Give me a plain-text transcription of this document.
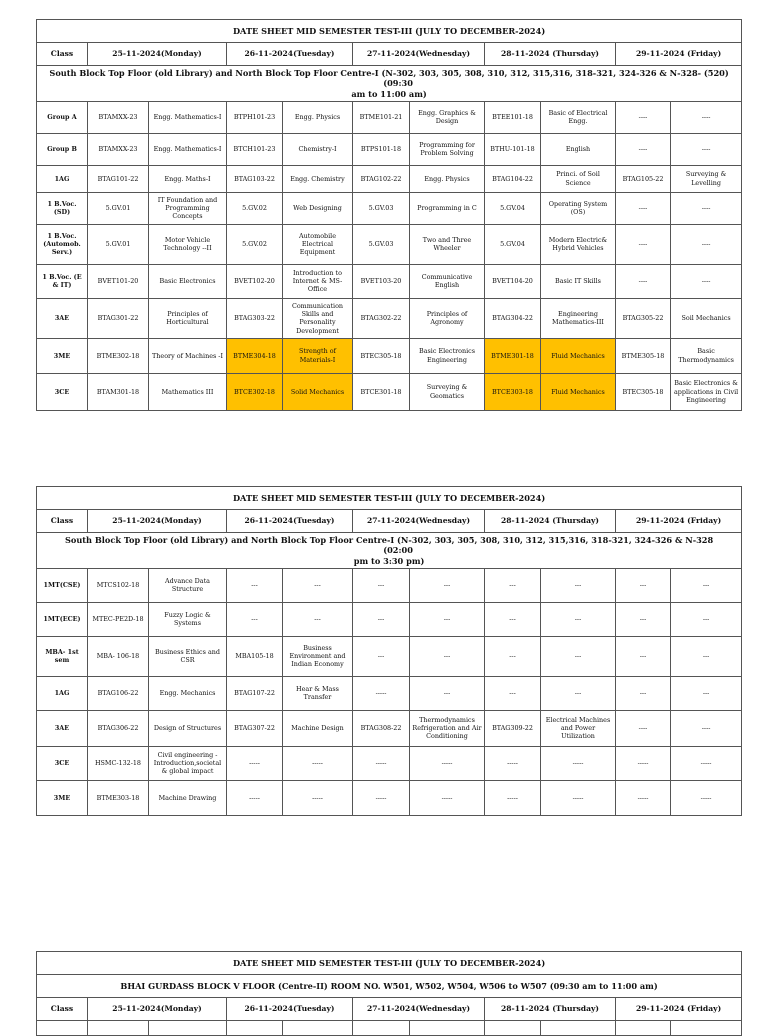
DATE SHEET MID SEMESTER TEST-III (JULY TO DECEMBER-2024)										
Class	25-11-2024(Monday)		26-11-2024(Tuesday)		27-11-2024(Wednesday)		28-11-2024 (Thursday)		29-11-2024 (Friday)	

South Block Top Floor (old Library) and North Block Top Floor Centre-I (N-302, 303, 305, 308, 310, 312, 315,316, 318-321, 324-326 & N-328- (520) (09:30
am to 11:00 am)										

Group A	BTAMXX-23	Engg. Mathematics-I	BTPH101-23	Engg. Physics	BTME101-21	Engg. Graphics & Design	BTEE101-18	Basic of Electrical Engg.	----	----
Group B	BTAMXX-23	Engg. Mathematics-I	BTCH101-23	Chemistry-I	BTPS101-18	Programming for Problem Solving	BTHU-101-18	English	----	----
1AG	BTAG101-22	Engg. Maths-I	BTAG103-22	Engg. Chemistry	BTAG102-22	Engg. Physics	BTAG104-22	Princi. of Soil Science	BTAG105-22	Surveying & Levelling
1 B.Voc. (SD)	5.GV.01	IT Foundation and Programming Concepts	5.GV.02	Web Designing	5.GV.03	Programming in C	5.GV.04	Operating System (OS)	----	----
1 B.Voc. (Automob. Serv.)	5.GV.01	Motor Vehicle Technology --II	5.GV.02	Automobile Electrical Equipment	5.GV.03	Two and Three Wheeler	5.GV.04	Modern Electric& Hybrid Vehicles	----	----
1 B.Voc. (E & IT)	BVET101-20	Basic Electronics	BVET102-20	Introduction to Internet & MS-Office	BVET103-20	Communicative English	BVET104-20	Basic IT Skills	----	----
3AE	BTAG301-22	Principles of Horticultural	BTAG303-22	Communication Skills and Personality Development	BTAG302-22	Principles of Agronomy	BTAG304-22	Engineering Mathematics-III	BTAG305-22	Soil Mechanics
3ME	BTME302-18	Theory of Machines -I	BTME304-18	Strength of Materials-I	BTEC305-18	Basic Electronics Engineering	BTME301-18	Fluid Mechanics	BTME305-18	Basic Thermodynamics
3CE	BTAM301-18	Mathematics III	BTCE302-18	Solid Mechanics	BTCE301-18	Surveying & Geomatics	BTCE303-18	Fluid Mechanics	BTEC305-18	Basic Electronics & applications in Civil Engineering
DATE SHEET MID SEMESTER TEST-III (JULY TO DECEMBER-2024)										
Class	25-11-2024(Monday)		26-11-2024(Tuesday)		27-11-2024(Wednesday)		28-11-2024 (Thursday)		29-11-2024 (Friday)	

South Block Top Floor (old Library) and North Block Top Floor Centre-I (N-302, 303, 305, 308, 310, 312, 315,316, 318-321, 324-326 & N-328 (02:00
pm to 3:30 pm)										

1MT(CSE)	MTCS102-18	Advance Data Structure	---	---	---	---	---	---	---	---
1MT(ECE)	MTEC-PE2D-18	Fuzzy Logic & Systems	---	---	---	---	---	---	---	---
MBA- 1st sem	MBA- 106-18	Business Ethics and CSR	MBA105-18	Business Environment and Indian Economy	---	---	---	---	---	---
1AG	BTAG106-22	Engg. Mechanics	BTAG107-22	Hear & Mass Transfer	-----	---	---	---	---	---
3AE	BTAG306-22	Design of Structures	BTAG307-22	Machine Design	BTAG308-22	Thermodynamics Refrigeration and Air Conditioning	BTAG309-22	Electrical Machines and Power Utilization	----	----
3CE	HSMC-132-18	Civil engineering - Introduction,societal & global impact	-----	-----	-----	-----	-----	-----	-----	-----
3ME	BTME303-18	Machine Drawing	-----	-----	-----	-----	-----	-----	-----	-----
DATE SHEET MID SEMESTER TEST-III (JULY TO DECEMBER-2024)										
BHAI GURDASS BLOCK V FLOOR (Centre-II) ROOM NO. W501, W502, W504, W506 to W507 (09:30 am to 11:00 am)										
Class	25-11-2024(Monday)		26-11-2024(Tuesday)		27-11-2024(Wednesday)		28-11-2024 (Thursday)		29-11-2024 (Friday)	
